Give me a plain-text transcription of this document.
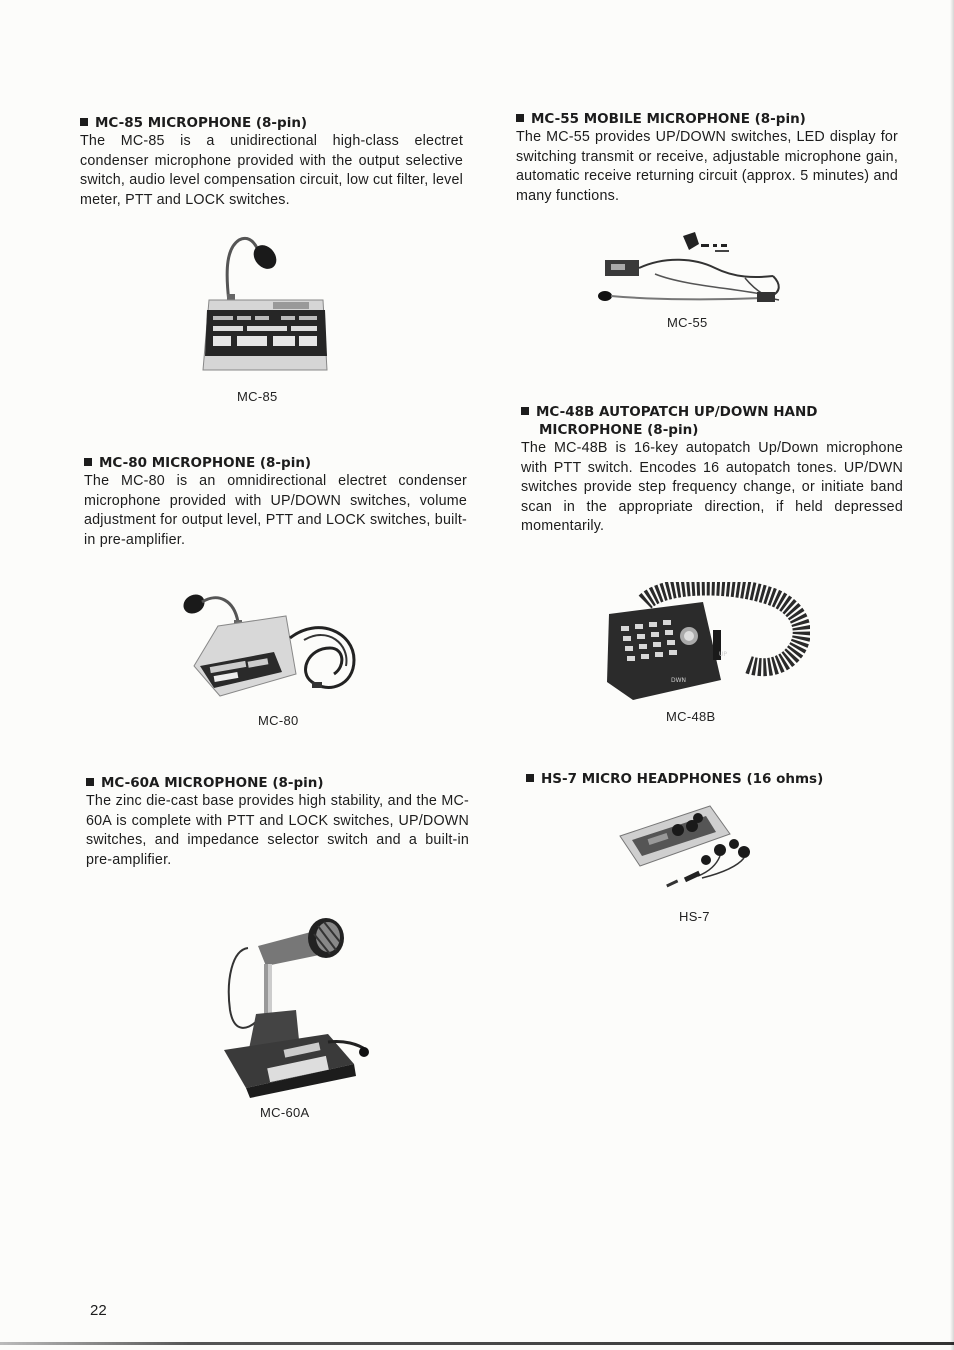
MC-85 MICROPHONE (8-pin)

The MC-85 is a unidirectional high-class electret condenser microphone provided with the output selective switch, audio level compensation circuit, low cut filter, level meter, PTT and LOCK switches.

MC-85

MC-55 MOBILE MICROPHONE (8-pin)

The MC-55 provides UP/DOWN switches, LED display for switching transmit or receive, adjustable microphone gain, automatic receive returning circuit (approx. 5 minutes) and many functions.

MC-55

MC-80 MICROPHONE (8-pin)

The MC-80 is an omnidirectional electret condenser microphone provided with UP/DOWN switches, volume adjustment for output level, PTT and LOCK switches, built-in pre-amplifier.

MC-80

MC-48B AUTOPATCH UP/DOWN HAND
MICROPHONE (8-pin)

The MC-48B is 16-key autopatch Up/Down microphone with PTT switch. Encodes 16 autopatch tones. UP/DWN switches provide step frequency change, or initiate band scan in the appropriate direction, if held depressed momentarily.

UP
DWN
MC-48B

MC-60A MICROPHONE (8-pin)

The zinc die-cast base provides high stability, and the MC-60A is complete with PTT and LOCK switches, UP/DOWN switches, and impedance selector switch and a built-in pre-amplifier.

MC-60A

HS-7 MICRO HEADPHONES (16 ohms)

HS-7
22
